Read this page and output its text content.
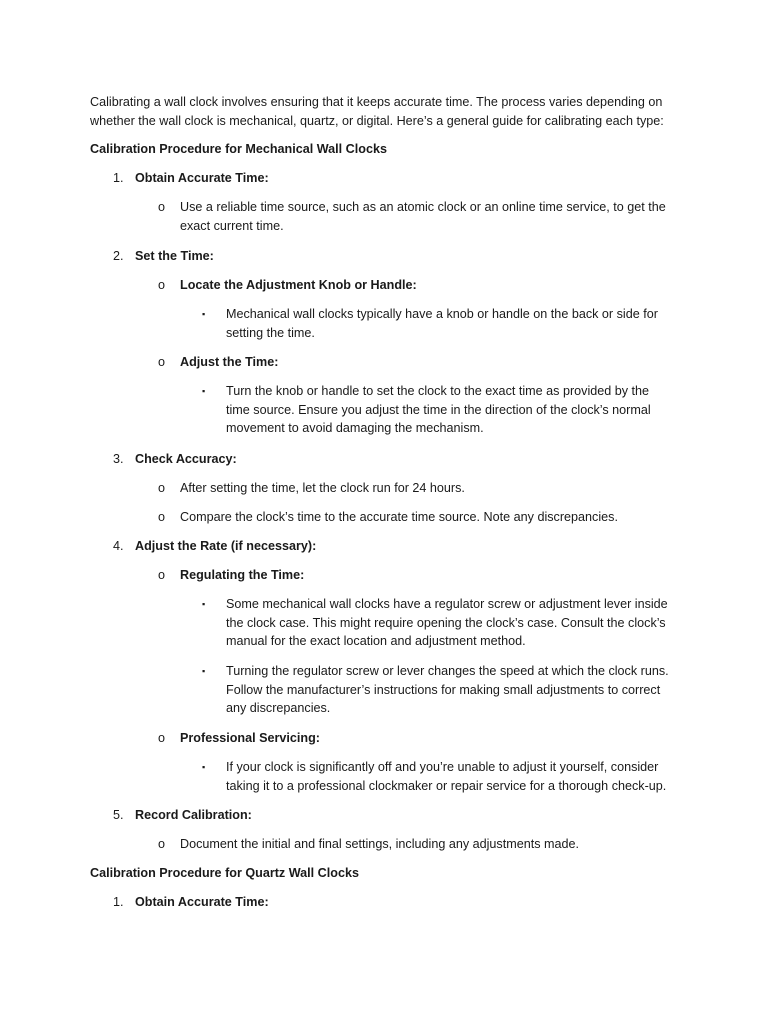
Calibrating a wall clock involves ensuring that it keeps accurate time. The process varies depending on whether the wall clock is mechanical, quartz, or digital. Here’s a general guide for calibrating each type:

Calibration Procedure for Mechanical Wall Clocks
1. Obtain Accurate Time:
o Use a reliable time source, such as an atomic clock or an online time service, to get the exact current time.
2. Set the Time:
o Locate the Adjustment Knob or Handle:
▪ Mechanical wall clocks typically have a knob or handle on the back or side for setting the time.
o Adjust the Time:
▪ Turn the knob or handle to set the clock to the exact time as provided by the time source. Ensure you adjust the time in the direction of the clock’s normal movement to avoid damaging the mechanism.
3. Check Accuracy:
o After setting the time, let the clock run for 24 hours.
o Compare the clock’s time to the accurate time source. Note any discrepancies.
4. Adjust the Rate (if necessary):
o Regulating the Time:
▪ Some mechanical wall clocks have a regulator screw or adjustment lever inside the clock case. This might require opening the clock’s case. Consult the clock’s manual for the exact location and adjustment method.
▪ Turning the regulator screw or lever changes the speed at which the clock runs. Follow the manufacturer’s instructions for making small adjustments to correct any discrepancies.
o Professional Servicing:
▪ If your clock is significantly off and you’re unable to adjust it yourself, consider taking it to a professional clockmaker or repair service for a thorough check-up.
5. Record Calibration:
o Document the initial and final settings, including any adjustments made.
Calibration Procedure for Quartz Wall Clocks
1. Obtain Accurate Time:
